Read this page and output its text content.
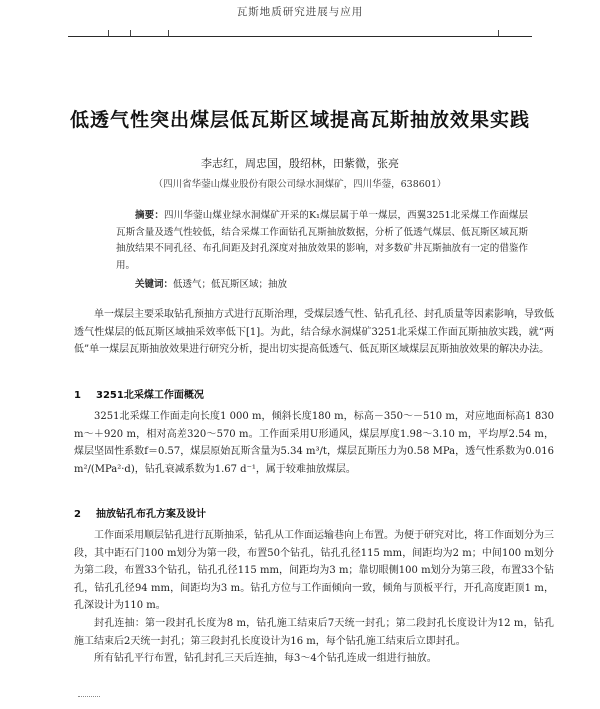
瓦斯地质研究进展与应用
低透气性突出煤层低瓦斯区域提高瓦斯抽放效果实践
李志红，周忠国，殷绍林，田紫微，张亮
（四川省华蓥山煤业股份有限公司绿水洞煤矿，四川华蓥，638601）
摘要：四川华蓥山煤业绿水洞煤矿开采的K₁煤层属于单一煤层，西翼3251北采煤工作面煤层瓦斯含量及透气性较低，结合采煤工作面钻孔瓦斯抽放数据，分析了低透气煤层、低瓦斯区域瓦斯抽放结果不同孔径、布孔间距及封孔深度对抽放效果的影响，对多数矿井瓦斯抽放有一定的借鉴作用。
关键词：低透气；低瓦斯区域；抽放

单一煤层主要采取钻孔预抽方式进行瓦斯治理，受煤层透气性、钻孔孔径、封孔质量等因素影响，导致低透气性煤层的低瓦斯区域抽采效率低下[1]。为此，结合绿水洞煤矿3251北采煤工作面瓦斯抽放实践，就“两低”单一煤层瓦斯抽放效果进行研究分析，提出切实提高低透气、低瓦斯区域煤层瓦斯抽放效果的解决办法。

1 3251北采煤工作面概况

3251北采煤工作面走向长度1 000 m，倾斜长度180 m，标高－350～－510 m，对应地面标高1 830 m～＋920 m，相对高差320～570 m。工作面采用U形通风，煤层厚度1.98～3.10 m，平均厚2.54 m，煤层坚固性系数f＝0.57，煤层原始瓦斯含量为5.34 m³/t，煤层瓦斯压力为0.58 MPa，透气性系数为0.016 m²/(MPa²·d)，钻孔衰减系数为1.67 d⁻¹，属于较难抽放煤层。

2 抽放钻孔布孔方案及设计

工作面采用顺层钻孔进行瓦斯抽采，钻孔从工作面运输巷向上布置。为便于研究对比，将工作面划分为三段，其中距石门100 m划分为第一段，布置50个钻孔，钻孔孔径115 mm，间距均为2 m；中间100 m划分为第二段，布置33个钻孔，钻孔孔径115 mm，间距均为3 m；靠切眼侧100 m划分为第三段，布置33个钻孔，钻孔孔径94 mm，间距均为3 m。钻孔方位与工作面倾向一致，倾角与顶板平行，开孔高度距顶1 m，孔深设计为110 m。

封孔连抽：第一段封孔长度为8 m，钻孔施工结束后7天统一封孔；第二段封孔长度设计为12 m，钻孔施工结束后2天统一封孔；第三段封孔长度设计为16 m，每个钻孔施工结束后立即封孔。

所有钻孔平行布置，钻孔封孔三天后连抽，每3～4个钻孔连成一组进行抽放。
